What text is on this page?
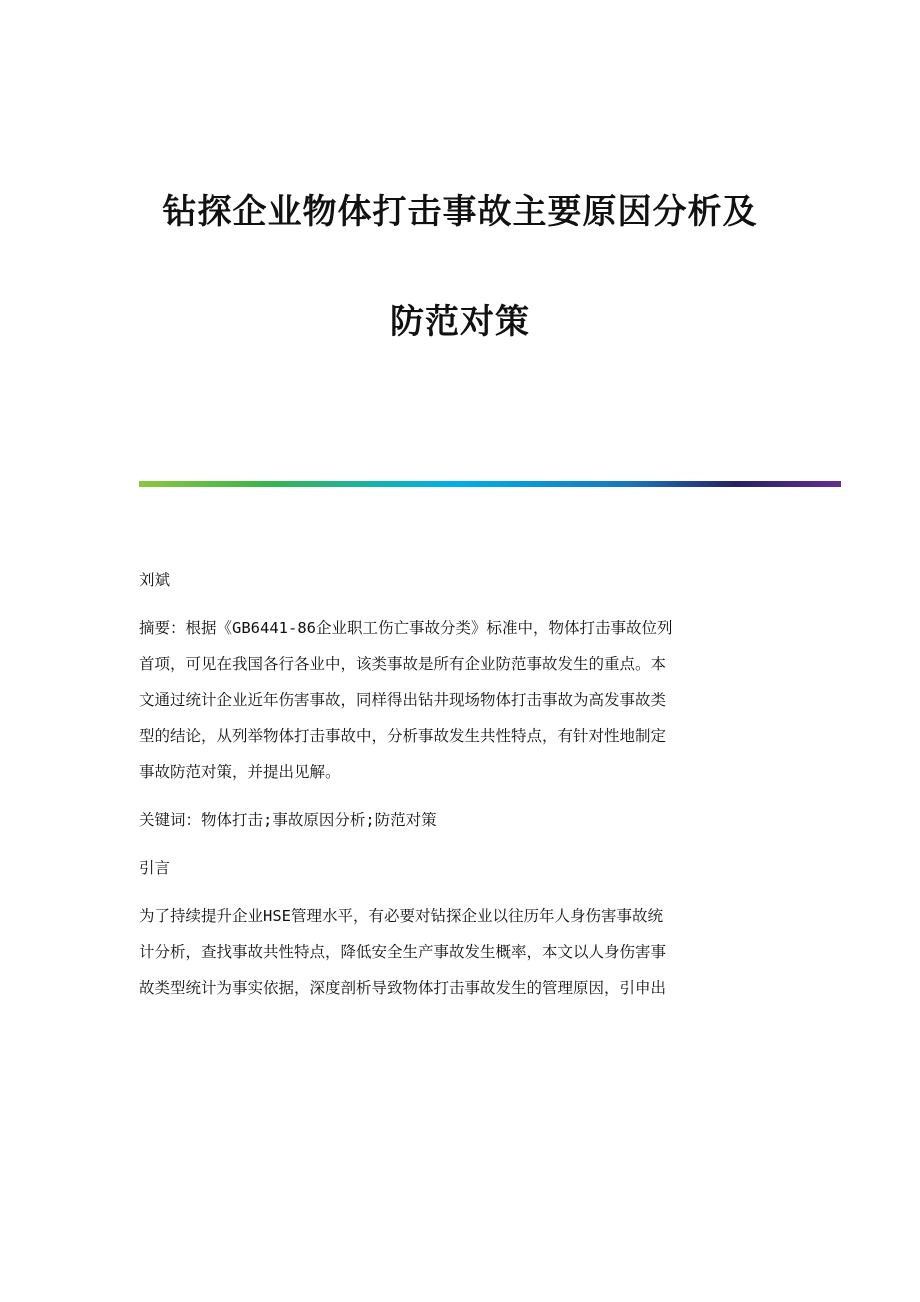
钻探企业物体打击事故主要原因分析及
防范对策

刘斌

摘要：根据《GB6441-86企业职工伤亡事故分类》标准中，物体打击事故位列

首项，可见在我国各行各业中，该类事故是所有企业防范事故发生的重点。本

文通过统计企业近年伤害事故，同样得出钻井现场物体打击事故为高发事故类

型的结论，从列举物体打击事故中，分析事故发生共性特点，有针对性地制定

事故防范对策，并提出见解。

关键词：物体打击;事故原因分析;防范对策

引言

为了持续提升企业HSE管理水平，有必要对钻探企业以往历年人身伤害事故统

计分析，查找事故共性特点，降低安全生产事故发生概率，本文以人身伤害事

故类型统计为事实依据，深度剖析导致物体打击事故发生的管理原因，引申出
